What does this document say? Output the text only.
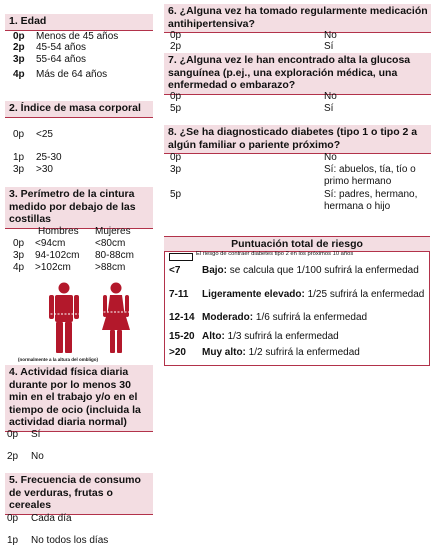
1. Edad
0p Menos de 45 años
2p 45-54 años
3p 55-64 años
4p Más de 64 años
2. Índice de masa corporal
0p <25
1p 25-30
3p >30
3. Perímetro de la cintura medido por debajo de las costillas
Hombres Mujeres
0p <94cm	<80cm
3p 94-102cm 80-88cm
4p >102cm >88cm
(normalmente a la altura del ombligo)
4. Actividad física diaria durante por lo menos 30 min en el trabajo y/o en el tiempo de ocio (incluida la actividad diaria normal)
0p Sí
2p No
5. Frecuencia de consumo de verduras, frutas o cereales
0p Cada día
1p No todos los días
6. ¿Alguna vez ha tomado regularmente medicación antihipertensiva?
0p	No
2p	Sí
7. ¿Alguna vez le han encontrado alta la glucosa sanguínea (p.ej., una exploración médica, una enfermedad o embarazo?
0p	No
5p	Sí
8. ¿Se ha diagnosticado diabetes (tipo 1 o tipo 2 a algún familiar o pariente próximo?
0p	No
3p	Sí: abuelos, tía, tío o primo hermano
5p	Sí: padres, hermano, hermana o hijo
Puntuación total de riesgo
El riesgo de contraer diabetes tipo 2 en los próximos 10 años
<7 Bajo: se calcula que 1/100 sufrirá la enfermedad
7-11 Ligeramente elevado: 1/25 sufrirá la enfermedad
12-14 Moderado: 1/6 sufrirá la enfermedad
15-20 Alto: 1/3 sufrirá la enfermedad
>20 Muy alto: 1/2 sufrirá la enfermedad
